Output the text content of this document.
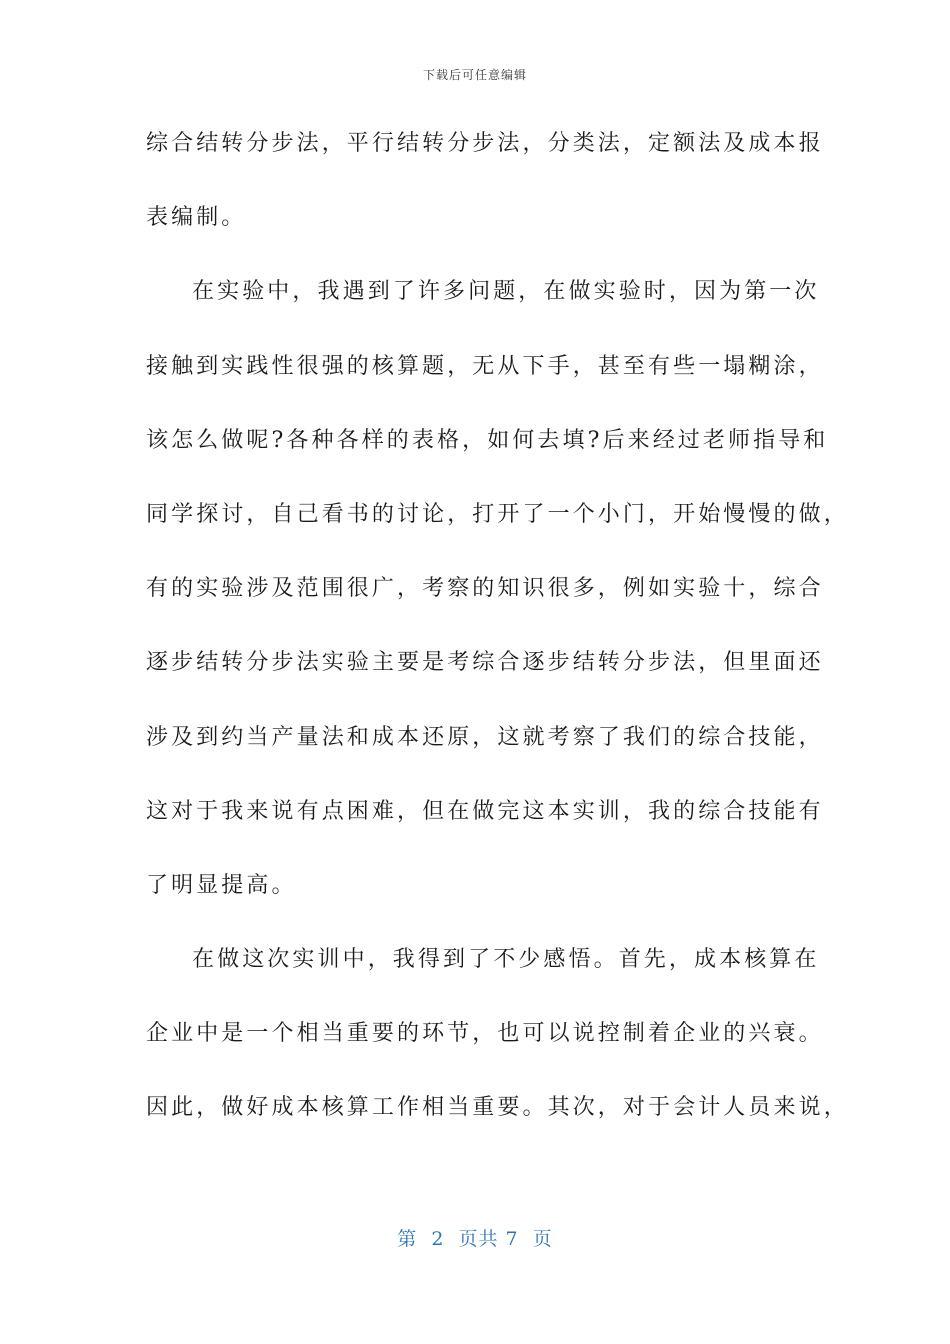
下载后可任意编辑
综合结转分步法，平行结转分步法，分类法，定额法及成本报
表编制。
在实验中，我遇到了许多问题，在做实验时，因为第一次
接触到实践性很强的核算题，无从下手，甚至有些一塌糊涂，
该怎么做呢?各种各样的表格，如何去填?后来经过老师指导和
同学探讨，自己看书的讨论，打开了一个小门，开始慢慢的做，
有的实验涉及范围很广，考察的知识很多，例如实验十，综合
逐步结转分步法实验主要是考综合逐步结转分步法，但里面还
涉及到约当产量法和成本还原，这就考察了我们的综合技能，
这对于我来说有点困难，但在做完这本实训，我的综合技能有
了明显提高。
在做这次实训中，我得到了不少感悟。首先，成本核算在
企业中是一个相当重要的环节，也可以说控制着企业的兴衰。
因此，做好成本核算工作相当重要。其次，对于会计人员来说，
第  2  页共 7  页
